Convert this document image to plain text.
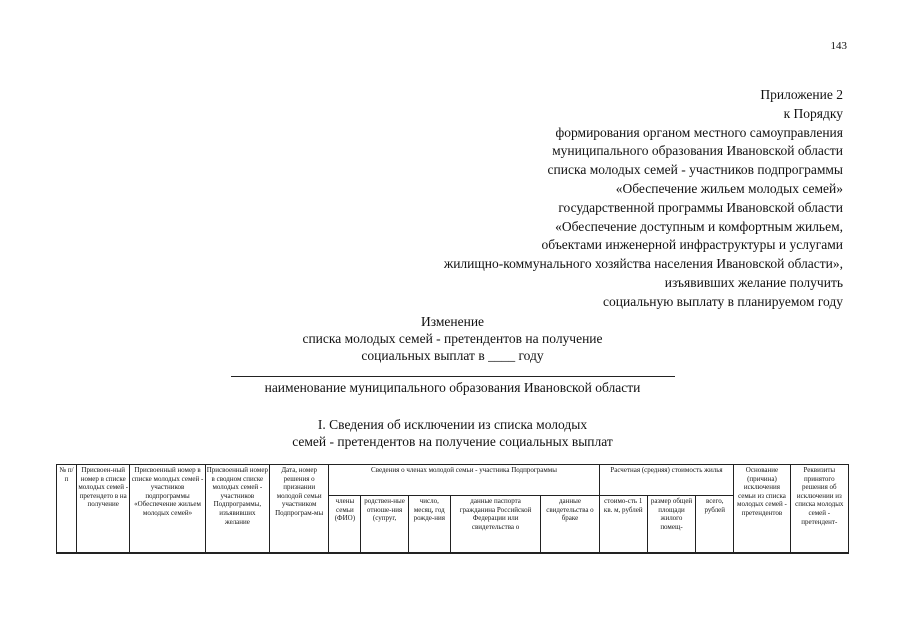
143
Приложение 2
к Порядку
формирования органом местного самоуправления
муниципального образования Ивановской области
списка молодых семей - участников подпрограммы
«Обеспечение жильем молодых семей»
государственной программы Ивановской области
«Обеспечение доступным и комфортным жильем,
объектами инженерной инфраструктуры и услугами
жилищно-коммунального хозяйства населения Ивановской области»,
изъявивших желание получить
социальную выплату в планируемом году
Изменение
списка молодых семей - претендентов на получение
социальных выплат в ____ году
наименование муниципального образования Ивановской области
I. Сведения об исключении из списка молодых
семей - претендентов на получение социальных выплат
№ п/п	Присвоен-ный номер в списке молодых семей - претендето в на получение	Присвоенный номер в списке молодых семей - участников подпрограммы «Обеспечение жильем молодых семей»	Присвоенный номер в сводном списке молодых семей - участников Подпрограммы, изъявивших желание	Дата, номер решения о признании молодой семьи участником Подпрограм-мы	Сведения о членах молодой семьи - участника Подпрограммы					Расчетная (средняя) стоимость жилья			Основание (причина) исключения семьи из списка молодых семей - претендентов	Реквизиты принятого решения об исключении из списка молодых семей - претендент-
					члены семьи (ФИО)	родствен-ные отноше-ния (супруг,	число, месяц, год рожде-ния	данные паспорта гражданина Российской Федерации или свидетельства о	данные свидетельства о браке	стоимо-сть 1 кв. м, рублей	размер общей площади жилого помещ-	всего, рублей		
